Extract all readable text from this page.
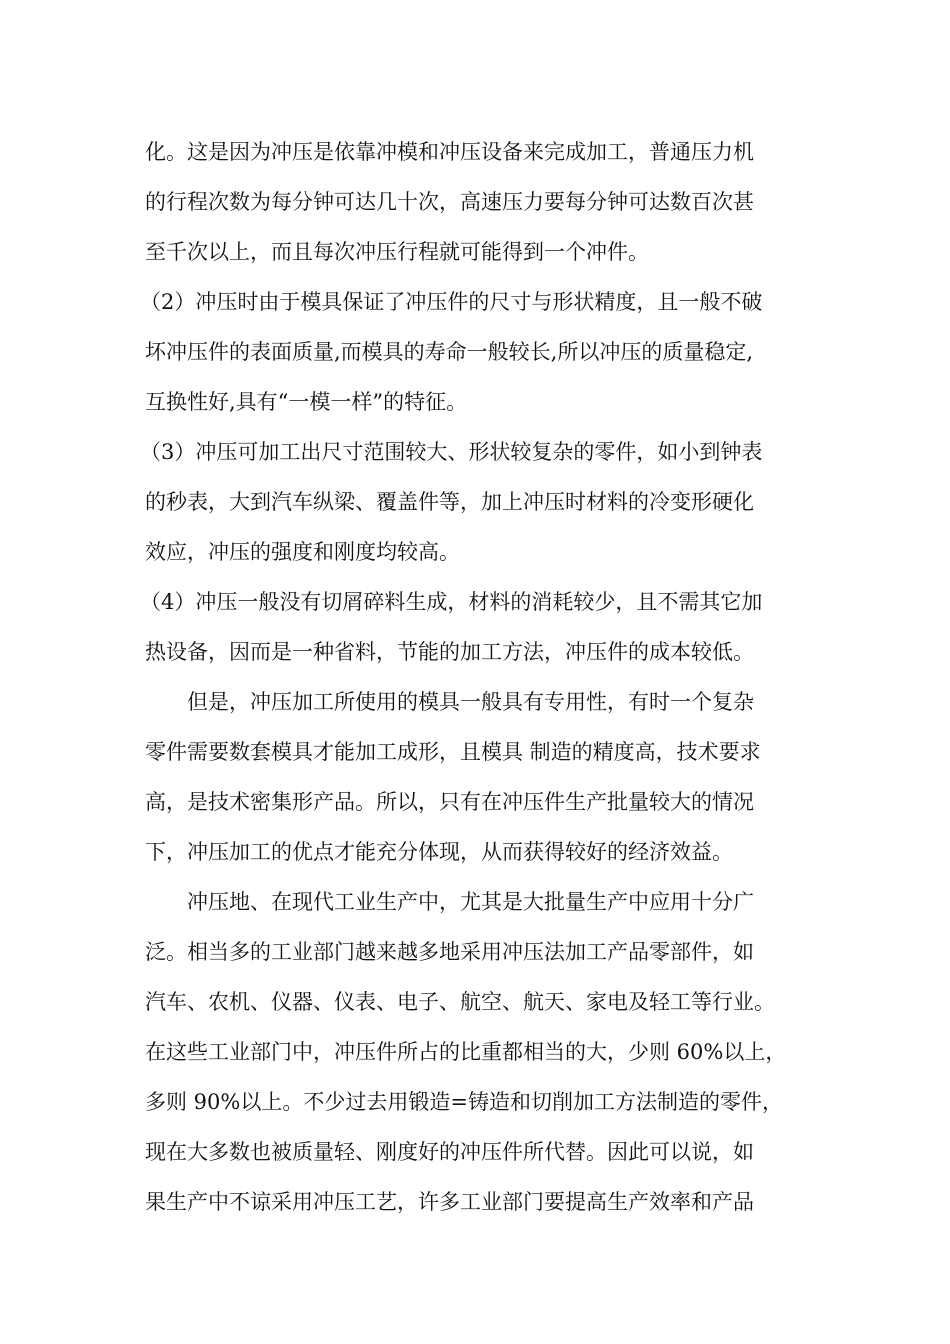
化。这是因为冲压是依靠冲模和冲压设备来完成加工，普通压力机
的行程次数为每分钟可达几十次，高速压力要每分钟可达数百次甚
至千次以上，而且每次冲压行程就可能得到一个冲件。
（2）冲压时由于模具保证了冲压件的尺寸与形状精度，且一般不破
坏冲压件的表面质量,而模具的寿命一般较长,所以冲压的质量稳定,
互换性好,具有“一模一样”的特征。
（3）冲压可加工出尺寸范围较大、形状较复杂的零件，如小到钟表
的秒表，大到汽车纵梁、覆盖件等，加上冲压时材料的冷变形硬化
效应，冲压的强度和刚度均较高。
（4）冲压一般没有切屑碎料生成，材料的消耗较少，且不需其它加
热设备，因而是一种省料，节能的加工方法，冲压件的成本较低。
但是，冲压加工所使用的模具一般具有专用性，有时一个复杂
零件需要数套模具才能加工成形，且模具 制造的精度高，技术要求
高，是技术密集形产品。所以，只有在冲压件生产批量较大的情况
下，冲压加工的优点才能充分体现，从而获得较好的经济效益。
冲压地、在现代工业生产中，尤其是大批量生产中应用十分广
泛。相当多的工业部门越来越多地采用冲压法加工产品零部件，如
汽车、农机、仪器、仪表、电子、航空、航天、家电及轻工等行业。
在这些工业部门中，冲压件所占的比重都相当的大，少则 60%以上，
多则 90%以上。不少过去用锻造=铸造和切削加工方法制造的零件，
现在大多数也被质量轻、刚度好的冲压件所代替。因此可以说，如
果生产中不谅采用冲压工艺，许多工业部门要提高生产效率和产品
